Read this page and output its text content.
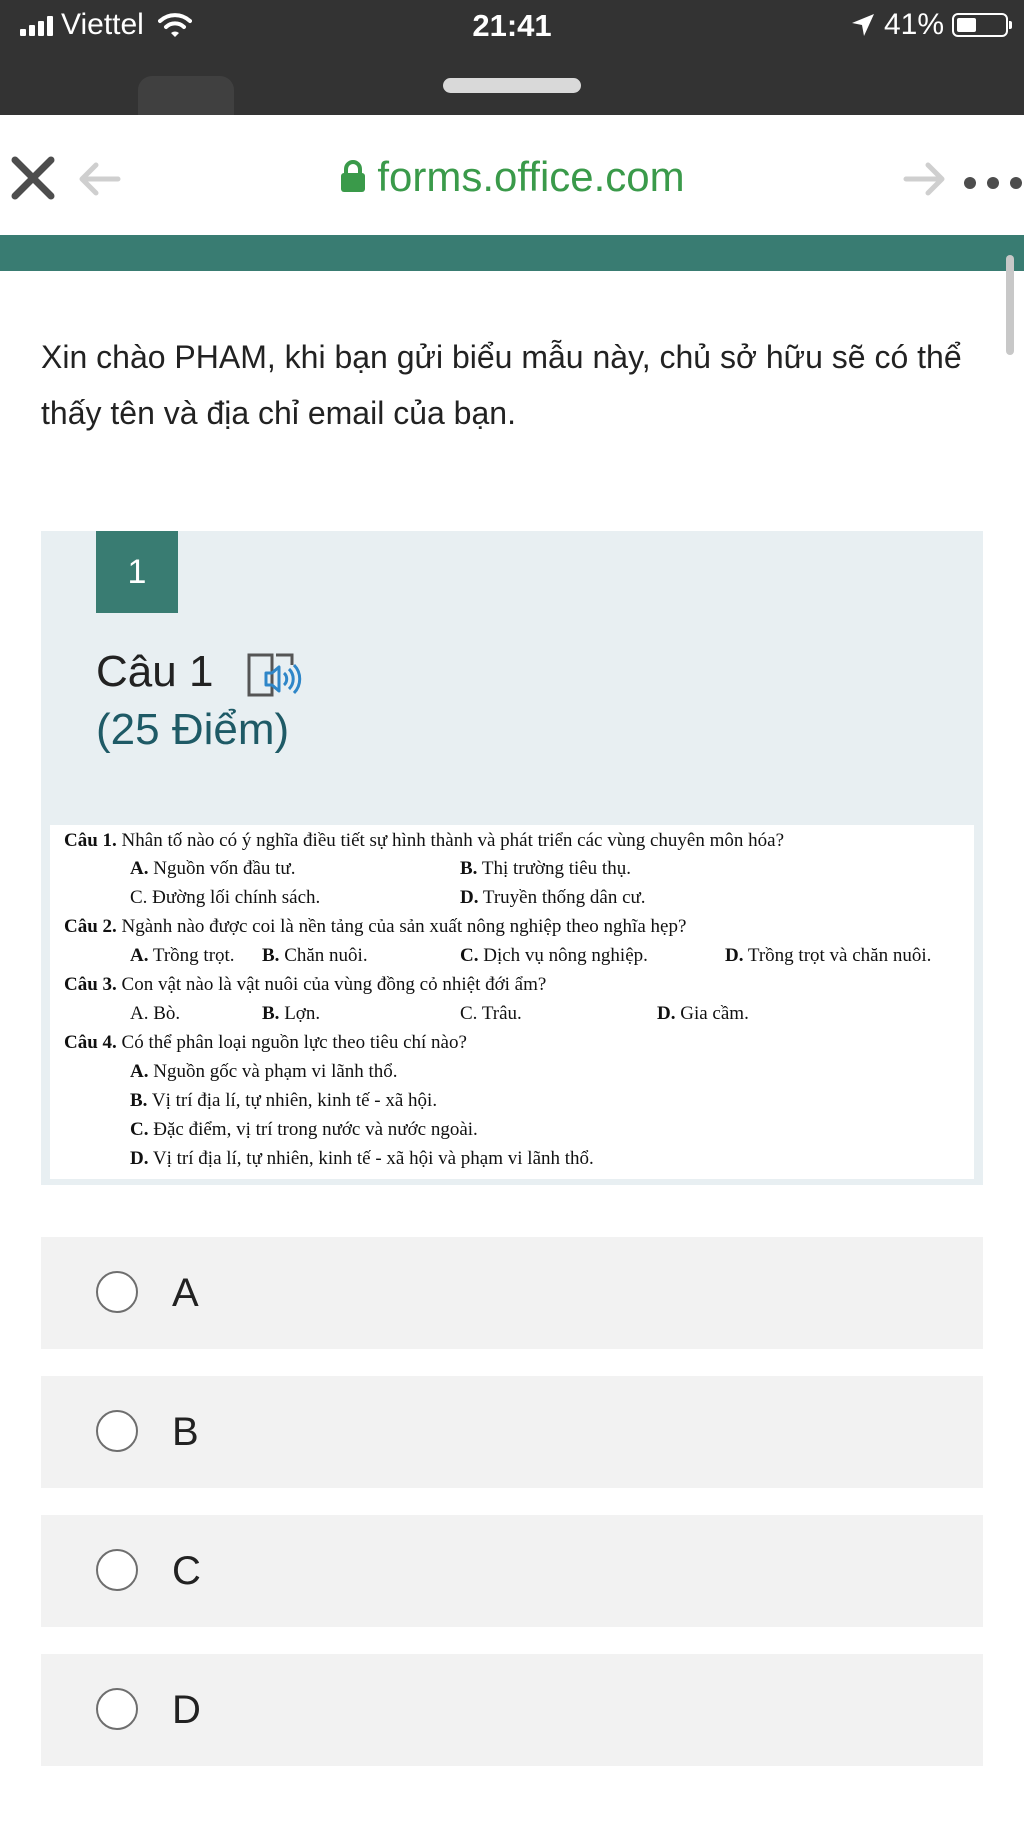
Viettel	21:41	41%
forms.office.com

Xin chào PHAM, khi bạn gửi biểu mẫu này, chủ sở hữu sẽ có thể thấy tên và địa chỉ email của bạn.

1
Câu 1
(25 Điểm)
Câu 1. Nhân tố nào có ý nghĩa điều tiết sự hình thành và phát triển các vùng chuyên môn hóa?
A. Nguồn vốn đầu tư.	B. Thị trường tiêu thụ.
C. Đường lối chính sách.	D. Truyền thống dân cư.
Câu 2. Ngành nào được coi là nền tảng của sản xuất nông nghiệp theo nghĩa hẹp?
A. Trồng trọt. B. Chăn nuôi.	C. Dịch vụ nông nghiệp.	D. Trồng trọt và chăn nuôi.
Câu 3. Con vật nào là vật nuôi của vùng đồng cỏ nhiệt đới ẩm?
A. Bò.	B. Lợn.	C. Trâu.	D. Gia cầm.
Câu 4. Có thể phân loại nguồn lực theo tiêu chí nào?
A. Nguồn gốc và phạm vi lãnh thổ.
B. Vị trí địa lí, tự nhiên, kinh tế - xã hội.
C. Đặc điểm, vị trí trong nước và nước ngoài.
D. Vị trí địa lí, tự nhiên, kinh tế - xã hội và phạm vi lãnh thổ.
A
B
C
D
